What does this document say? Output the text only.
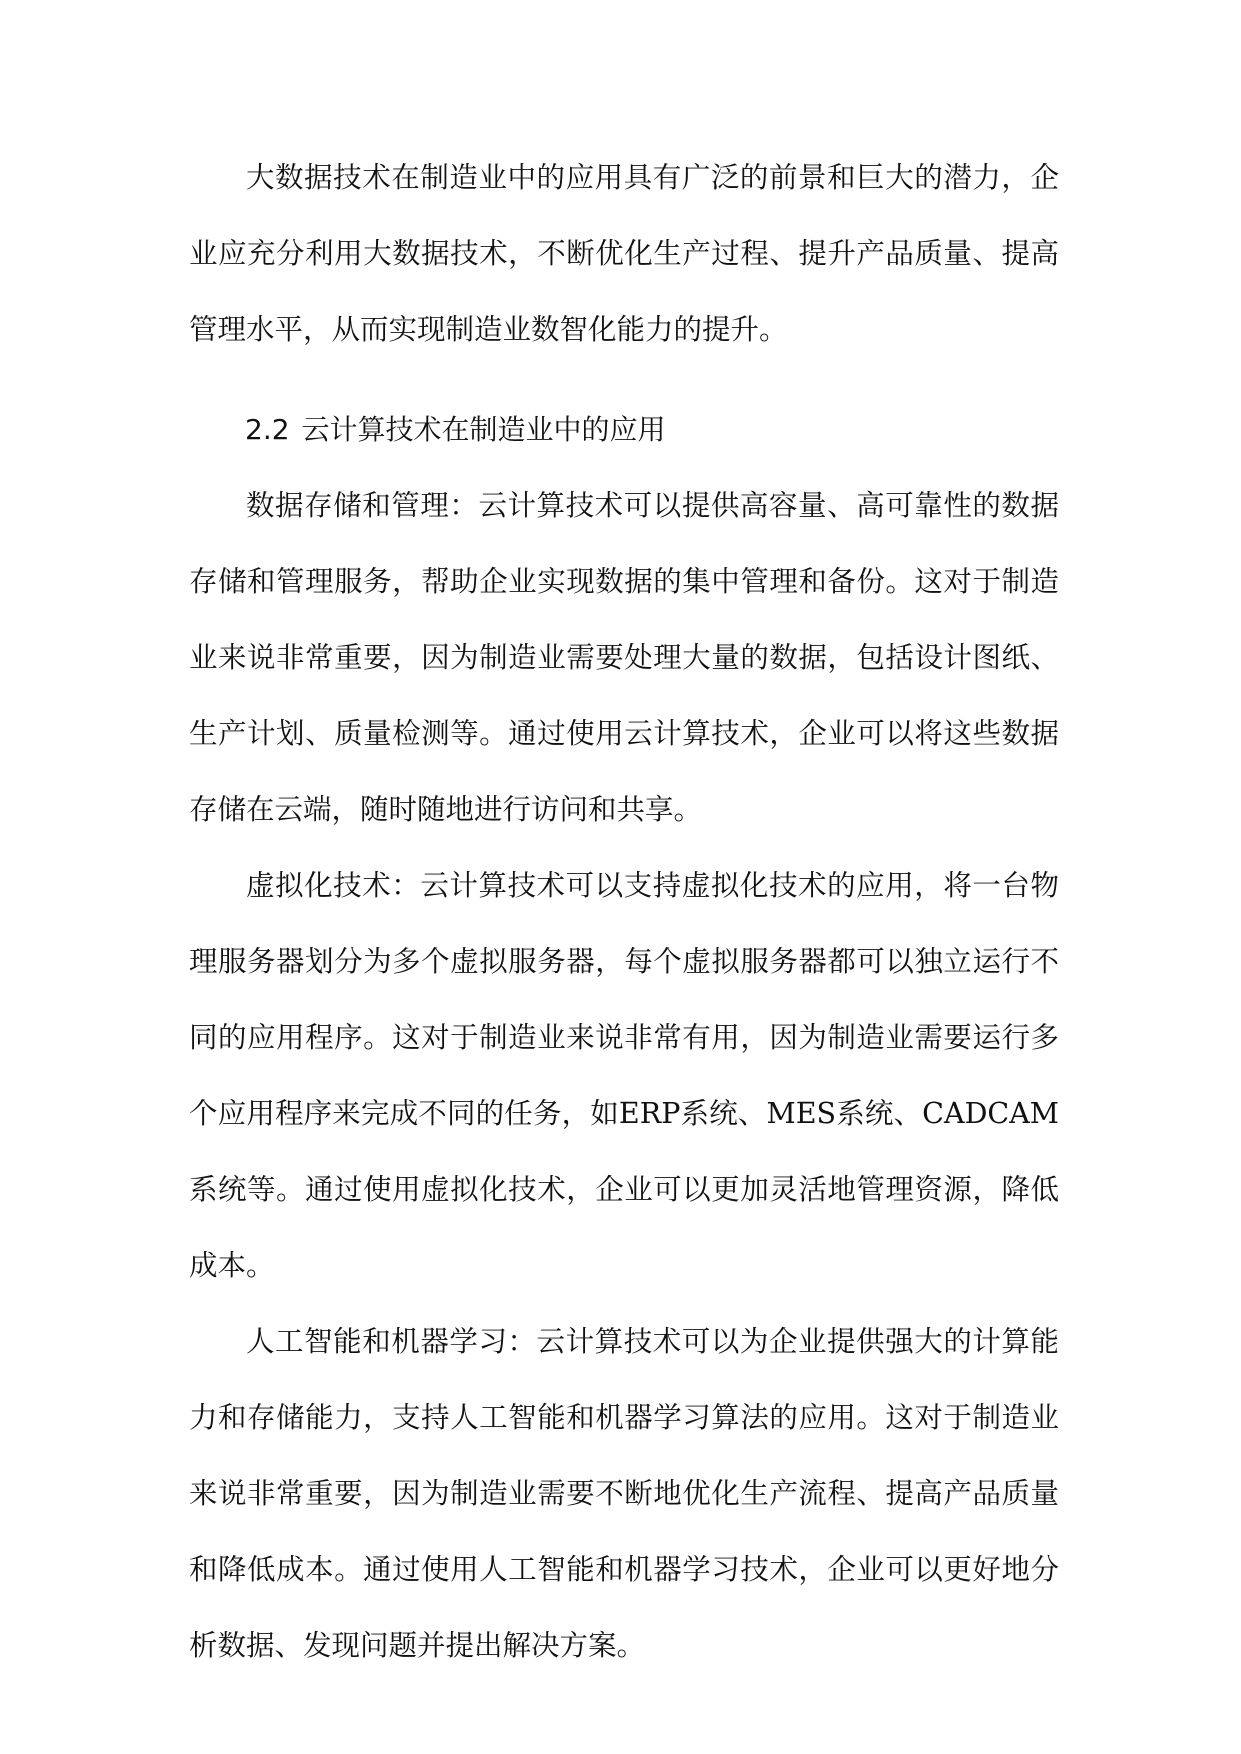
大数据技术在制造业中的应用具有广泛的前景和巨大的潜力，企业应充分利用大数据技术，不断优化生产过程、提升产品质量、提高管理水平，从而实现制造业数智化能力的提升。

2.2 云计算技术在制造业中的应用

数据存储和管理：云计算技术可以提供高容量、高可靠性的数据存储和管理服务，帮助企业实现数据的集中管理和备份。这对于制造业来说非常重要，因为制造业需要处理大量的数据，包括设计图纸、生产计划、质量检测等。通过使用云计算技术，企业可以将这些数据存储在云端，随时随地进行访问和共享。

虚拟化技术：云计算技术可以支持虚拟化技术的应用，将一台物理服务器划分为多个虚拟服务器，每个虚拟服务器都可以独立运行不同的应用程序。这对于制造业来说非常有用，因为制造业需要运行多个应用程序来完成不同的任务，如ERP系统、MES系统、CADCAM系统等。通过使用虚拟化技术，企业可以更加灵活地管理资源，降低成本。

人工智能和机器学习：云计算技术可以为企业提供强大的计算能力和存储能力，支持人工智能和机器学习算法的应用。这对于制造业来说非常重要，因为制造业需要不断地优化生产流程、提高产品质量和降低成本。通过使用人工智能和机器学习技术，企业可以更好地分析数据、发现问题并提出解决方案。
